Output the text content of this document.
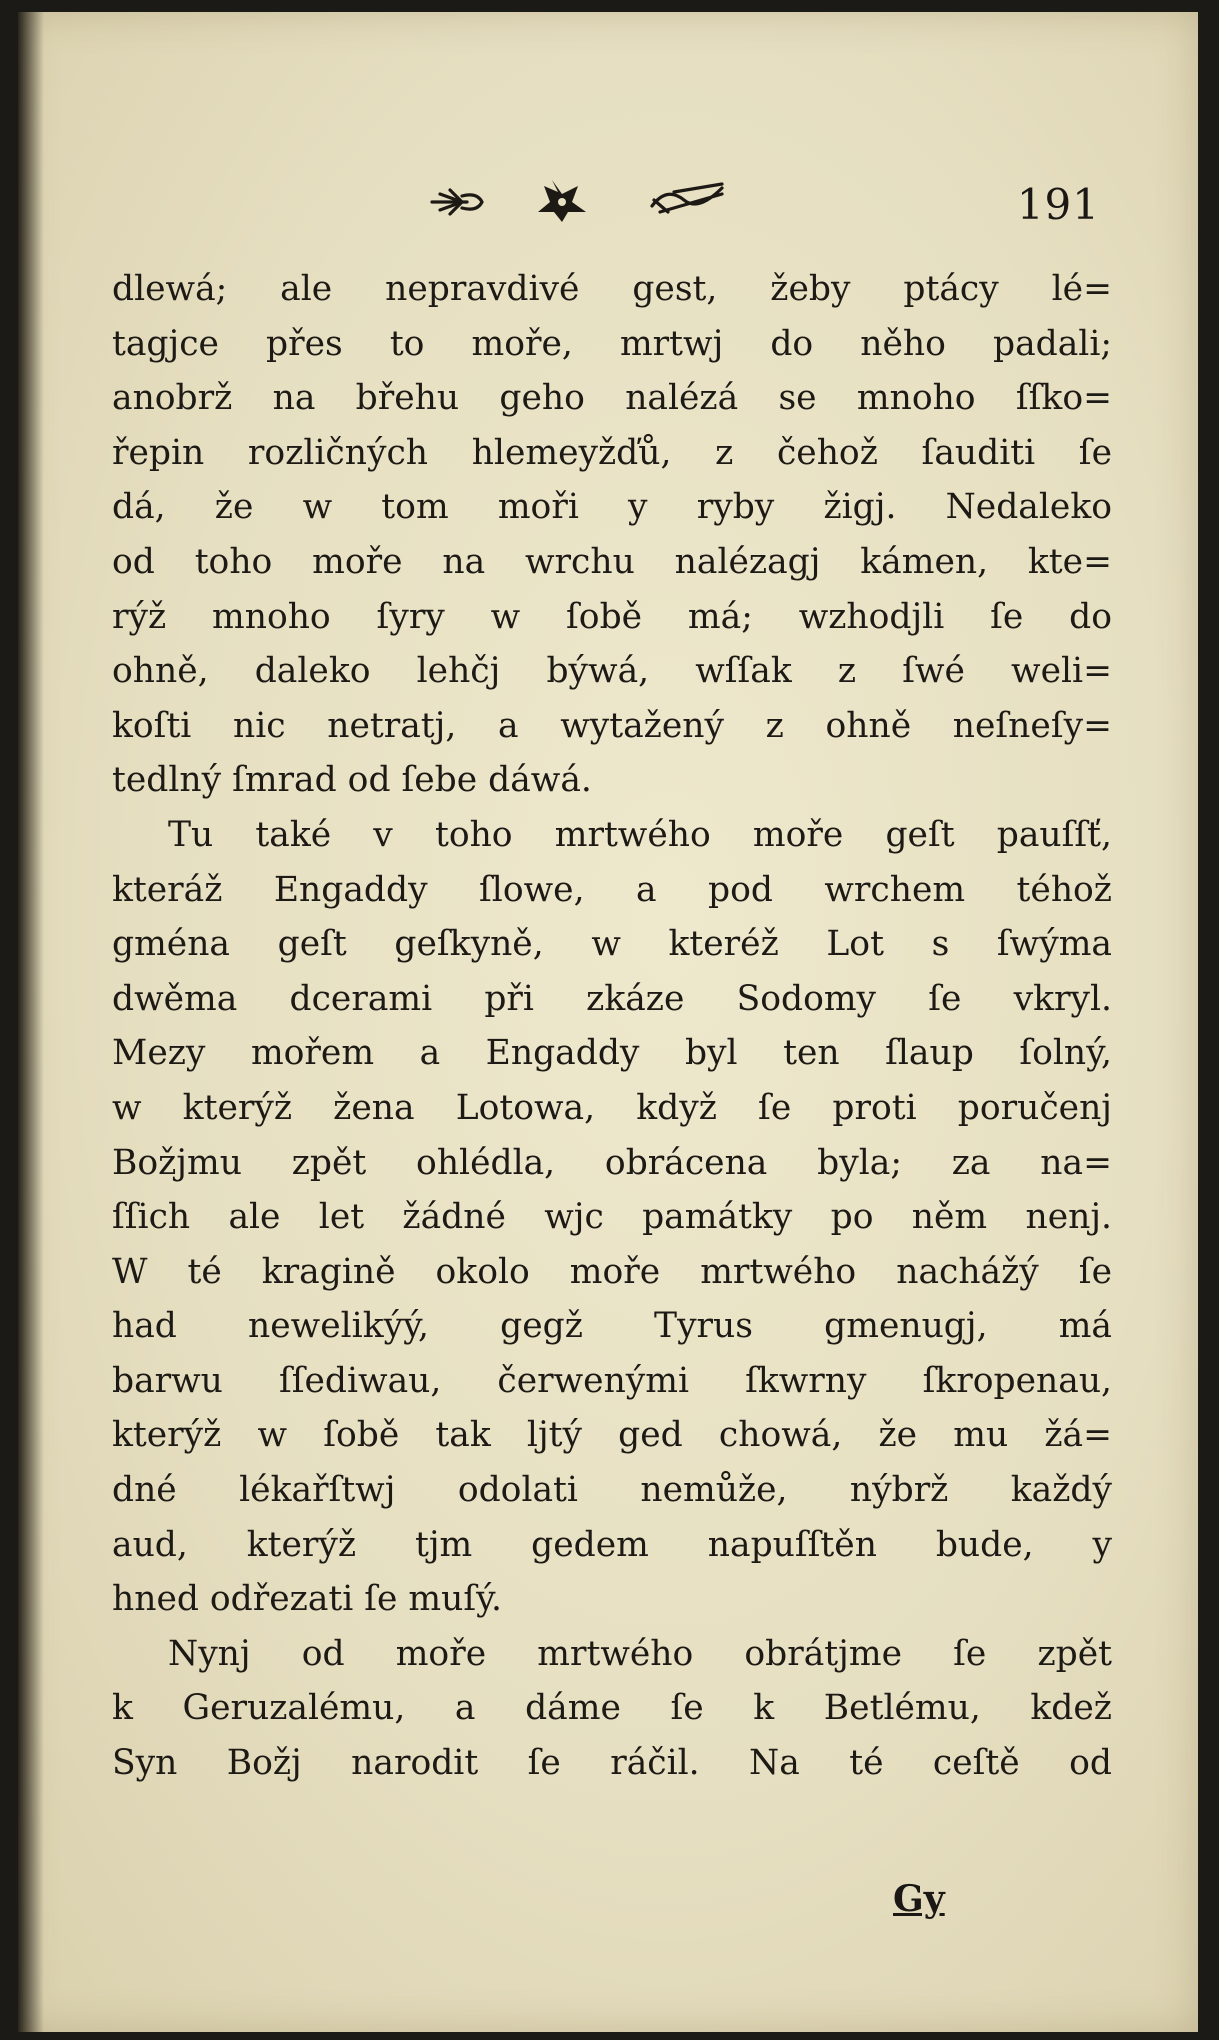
191
dlewá; ale nepravdivé gest, žeby ptácy lé=
tagjce přes to moře, mrtwj do něho padali;
anobrž na břehu geho nalézá se mnoho ſſko=
řepin rozličných hlemeyžďů, z čehož ſauditi ſe
dá, že w tom moři y ryby žigj. Nedaleko
od toho moře na wrchu nalézagj kámen, kte=
rýž mnoho ſyry w ſobě má; wzhodjli ſe do
ohně, daleko lehčj býwá, wſſak z ſwé weli=
koſti nic netratj, a wytažený z ohně neſneſy=
tedlný ſmrad od ſebe dáwá.
Tu také v toho mrtwého moře geſt pauſſť,
kteráž Engaddy ſlowe, a pod wrchem téhož
gména geſt geſkyně, w kteréž Lot s ſwýma
dwěma dcerami při zkáze Sodomy ſe vkryl.
Mezy mořem a Engaddy byl ten ſlaup ſolný,
w kterýž žena Lotowa, když ſe proti poručenj
Božjmu zpět ohlédla, obrácena byla; za na=
ſſich ale let žádné wjc památky po něm nenj.
W té kragině okolo moře mrtwého nachážý ſe
had newelikýý, gegž Tyrus gmenugj, má
barwu ſſediwau, čerwenými ſkwrny ſkropenau,
kterýž w ſobě tak ljtý ged chowá, že mu žá=
dné lékařſtwj odolati nemůže, nýbrž každý
aud, kterýž tjm gedem napuſſtěn bude, y
hned odřezati ſe muſý.
Nynj od moře mrtwého obrátjme ſe zpět
k Geruzalému, a dáme ſe k Betlému, kdež
Syn Božj narodit ſe ráčil. Na té ceſtě od
Gy
